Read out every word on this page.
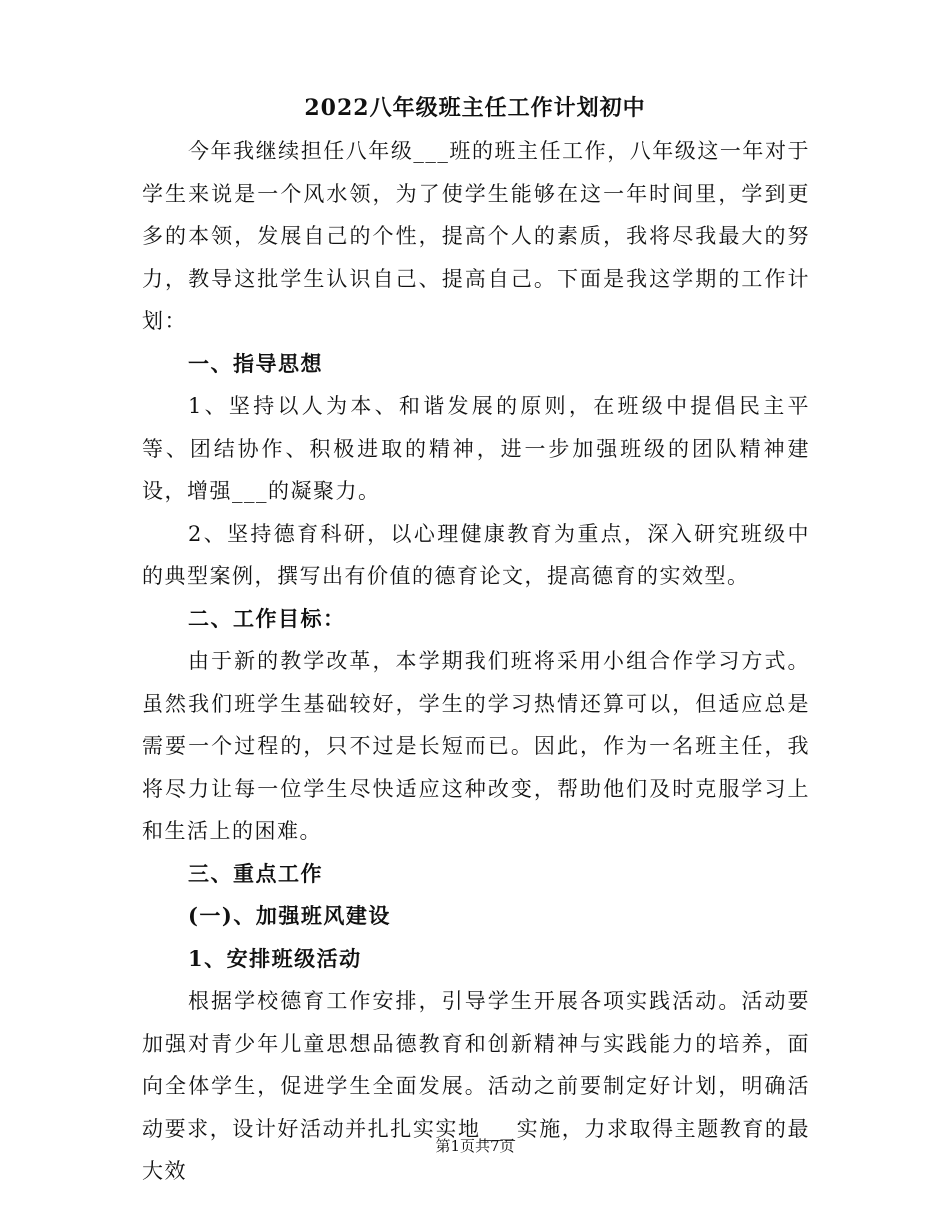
2022八年级班主任工作计划初中

今年我继续担任八年级___班的班主任工作，八年级这一年对于学生来说是一个风水领，为了使学生能够在这一年时间里，学到更多的本领，发展自己的个性，提高个人的素质，我将尽我最大的努力，教导这批学生认识自己、提高自己。下面是我这学期的工作计划：

一、指导思想

1、坚持以人为本、和谐发展的原则，在班级中提倡民主平等、团结协作、积极进取的精神，进一步加强班级的团队精神建设，增强___的凝聚力。

2、坚持德育科研，以心理健康教育为重点，深入研究班级中的典型案例，撰写出有价值的德育论文，提高德育的实效型。

二、工作目标：

由于新的教学改革，本学期我们班将采用小组合作学习方式。虽然我们班学生基础较好，学生的学习热情还算可以，但适应总是需要一个过程的，只不过是长短而已。因此，作为一名班主任，我将尽力让每一位学生尽快适应这种改变，帮助他们及时克服学习上和生活上的困难。

三、重点工作

(一)、加强班风建设

1、安排班级活动

根据学校德育工作安排，引导学生开展各项实践活动。活动要加强对青少年儿童思想品德教育和创新精神与实践能力的培养，面向全体学生，促进学生全面发展。活动之前要制定好计划，明确活动要求，设计好活动并扎扎实实地___实施，力求取得主题教育的最大效

第1页共7页
